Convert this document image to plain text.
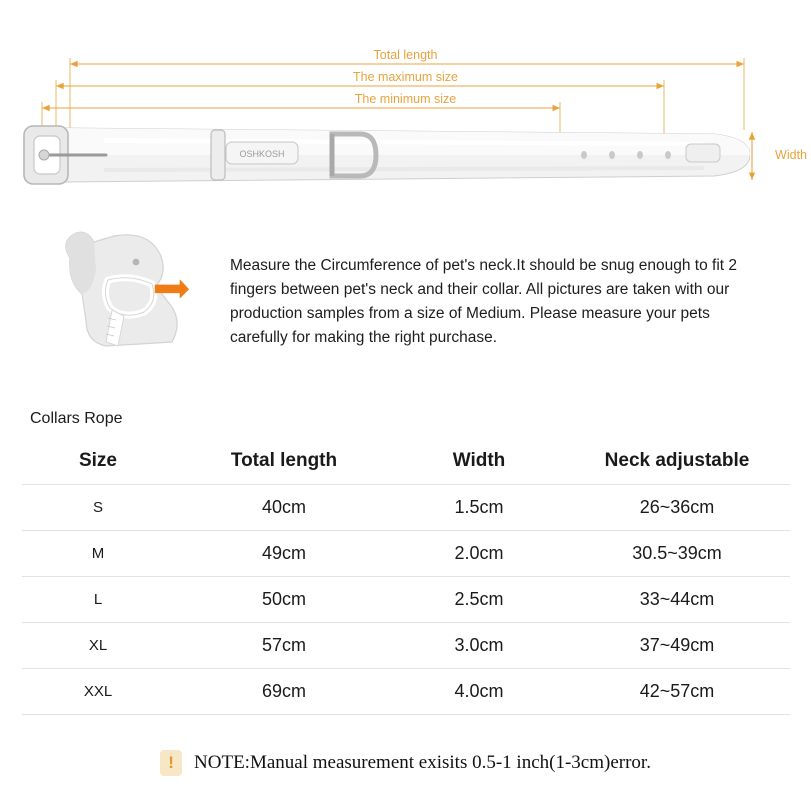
Total length
The maximum size
The minimum size
Width
OSHKOSH

Measure the Circumference of pet's neck.It should be snug enough to fit 2 fingers between pet's neck and their collar. All pictures are taken with our production samples from a size of Medium. Please measure your pets carefully for making the right purchase.

Collars Rope
Size	Total length	Width	Neck adjustable
S	40cm	1.5cm	26~36cm
M	49cm	2.0cm	30.5~39cm
L	50cm	2.5cm	33~44cm
XL	57cm	3.0cm	37~49cm
XXL	69cm	4.0cm	42~57cm
!	NOTE:Manual measurement exisits 0.5-1 inch(1-3cm)error.
